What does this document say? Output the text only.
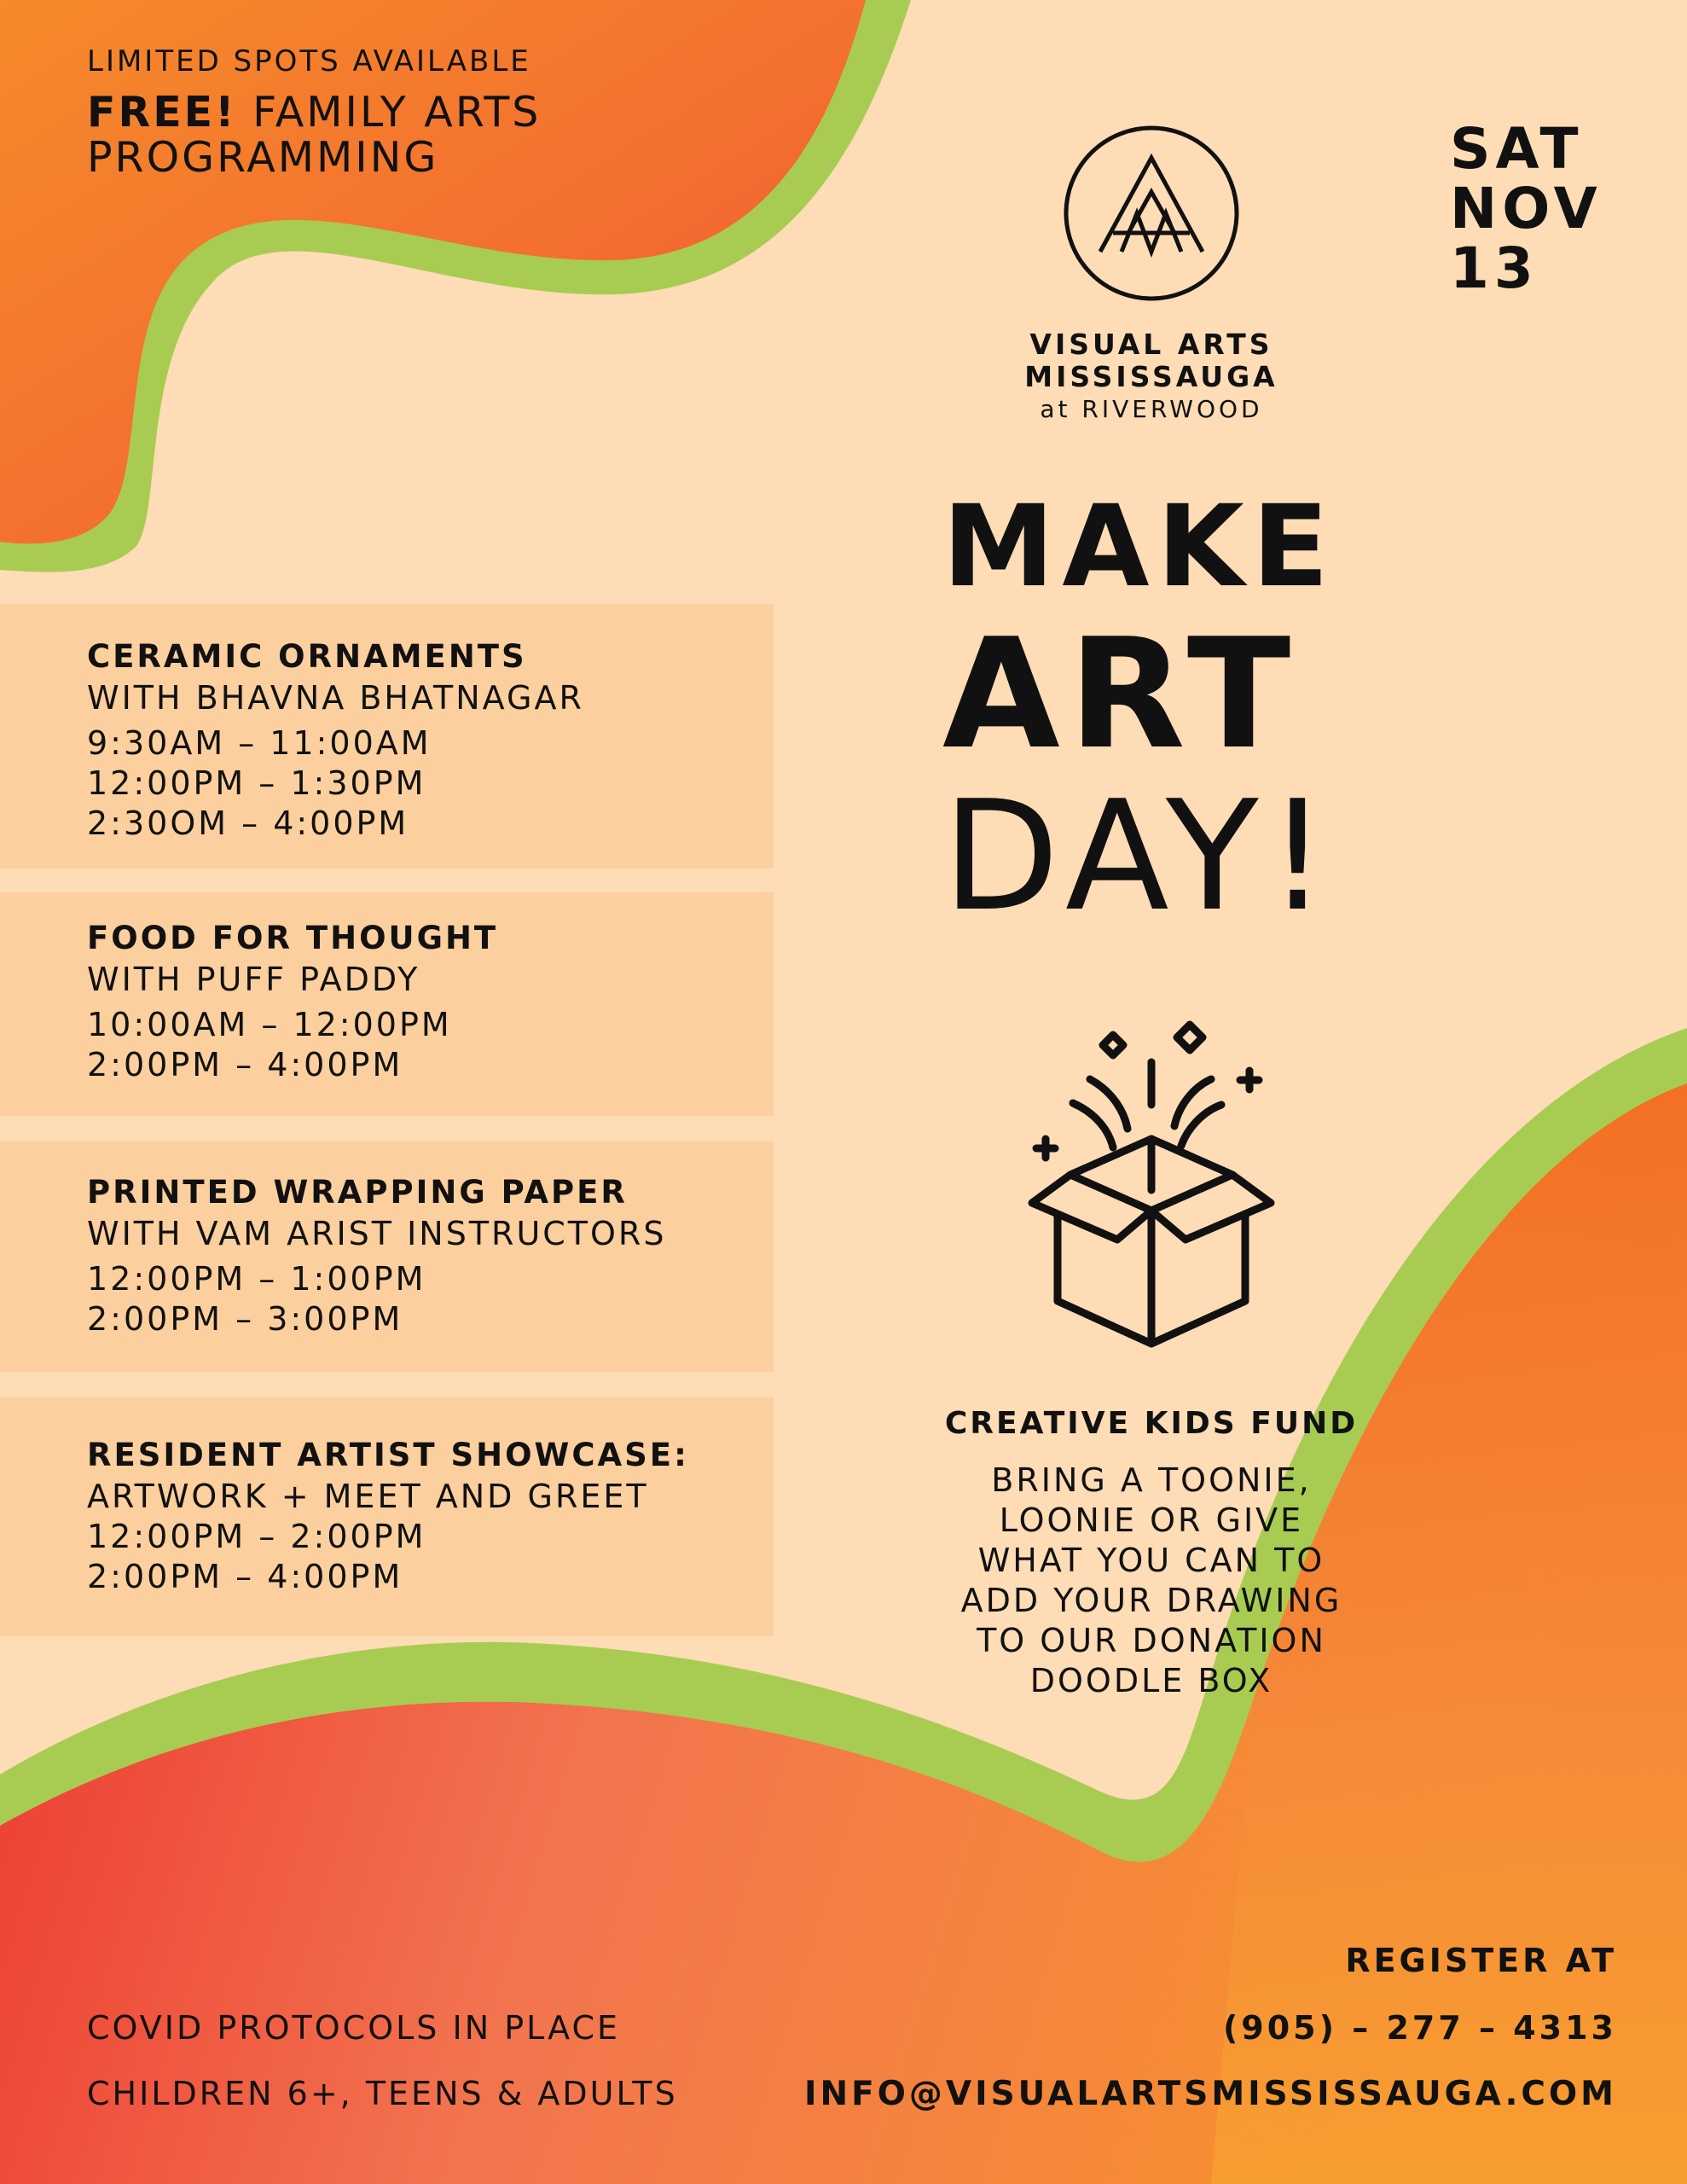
LIMITED SPOTS AVAILABLE
FREE! FAMILY ARTS
PROGRAMMING	SAT
NOV
13
VISUAL ARTS
MISSISSAUGA
at RIVERWOOD
MAKE
ART
DAY!
CERAMIC ORNAMENTS
WITH BHAVNA BHATNAGAR
9:30AM – 11:00AM
12:00PM – 1:30PM
2:30OM – 4:00PM
FOOD FOR THOUGHT
WITH PUFF PADDY
10:00AM – 12:00PM
2:00PM – 4:00PM
PRINTED WRAPPING PAPER
WITH VAM ARIST INSTRUCTORS
12:00PM – 1:00PM
2:00PM – 3:00PM
RESIDENT ARTIST SHOWCASE:
ARTWORK + MEET AND GREET
12:00PM – 2:00PM
2:00PM – 4:00PM
CREATIVE KIDS FUND
BRING A TOONIE,
LOONIE OR GIVE
WHAT YOU CAN TO
ADD YOUR DRAWING
TO OUR DONATION
DOODLE BOX
COVID PROTOCOLS IN PLACE
CHILDREN 6+, TEENS & ADULTS
REGISTER AT
(905) – 277 – 4313
INFO@VISUALARTSMISSISSAUGA.COM
